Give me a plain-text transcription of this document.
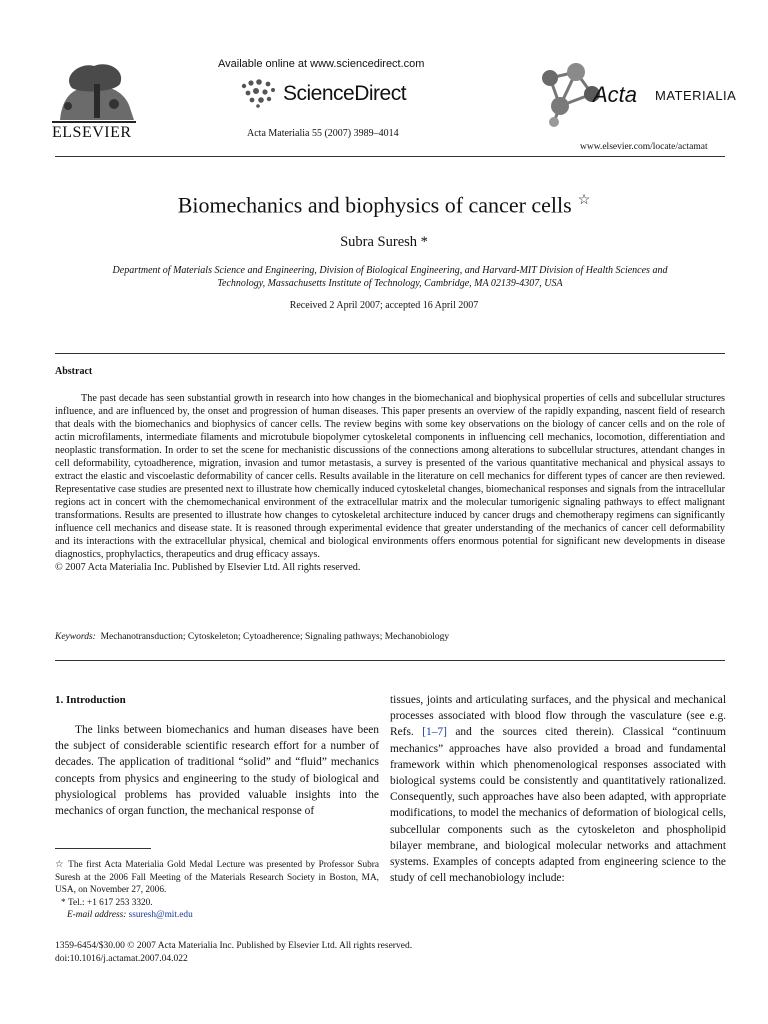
ELSEVIER
Available online at www.sciencedirect.com
ScienceDirect
Acta Materialia 55 (2007) 3989–4014
Acta MATERIALIA
www.elsevier.com/locate/actamat
Biomechanics and biophysics of cancer cells ☆
Subra Suresh *
Department of Materials Science and Engineering, Division of Biological Engineering, and Harvard-MIT Division of Health Sciences and
Technology, Massachusetts Institute of Technology, Cambridge, MA 02139-4307, USA
Received 2 April 2007; accepted 16 April 2007
Abstract
The past decade has seen substantial growth in research into how changes in the biomechanical and biophysical properties of cells and subcellular structures influence, and are influenced by, the onset and progression of human diseases. This paper presents an overview of the rapidly expanding, nascent field of research that deals with the biomechanics and biophysics of cancer cells. The review begins with some key observations on the biology of cancer cells and on the role of actin microfilaments, intermediate filaments and microtubule biopolymer cytoskeletal components in influencing cell mechanics, locomotion, differentiation and neoplastic transformation. In order to set the scene for mechanistic discussions of the connections among alterations to subcellular structures, attendant changes in cell deformability, cytoadherence, migration, invasion and tumor metastasis, a survey is presented of the various quantitative mechanical and physical assays to extract the elastic and viscoelastic deformability of cancer cells. Results available in the literature on cell mechanics for different types of cancer are then reviewed. Representative case studies are presented next to illustrate how chemically induced cytoskeletal changes, biomechanical responses and signals from the intracellular regions act in concert with the chemomechanical environment of the extracellular matrix and the molecular tumorigenic signaling pathways to effect malignant transformations. Results are presented to illustrate how changes to cytoskeletal architecture induced by cancer drugs and chemotherapy regimens can significantly influence cell mechanics and disease state. It is reasoned through experimental evidence that greater understanding of the mechanics of cancer cell deformability and its interactions with the extracellular physical, chemical and biological environments offers enormous potential for significant new developments in disease diagnostics, prophylactics, therapeutics and drug efficacy assays.
© 2007 Acta Materialia Inc. Published by Elsevier Ltd. All rights reserved.
Keywords: Mechanotransduction; Cytoskeleton; Cytoadherence; Signaling pathways; Mechanobiology
1. Introduction
The links between biomechanics and human diseases have been the subject of considerable scientific research effort for a number of decades. The application of traditional “solid” and “fluid” mechanics concepts from physics and engineering to the study of biological and physiological problems has provided valuable insights into the mechanics of organ function, the mechanical response of
tissues, joints and articulating surfaces, and the physical and mechanical processes associated with blood flow through the vasculature (see e.g. Refs. [1–7] and the sources cited therein). Classical “continuum mechanics” approaches have also provided a broad and fundamental framework within which phenomenological responses associated with biological systems could be consistently and quantitatively rationalized. Consequently, such approaches have also been adapted, with appropriate modifications, to model the mechanics of deformation of biological cells, subcellular components such as the cytoskeleton and phospholipid bilayer membrane, and biological molecular networks and attachment systems. Examples of concepts adapted from engineering science to the study of cell mechanobiology include:
☆ The first Acta Materialia Gold Medal Lecture was presented by Professor Subra Suresh at the 2006 Fall Meeting of the Materials Research Society in Boston, MA, USA, on November 27, 2006.
* Tel.: +1 617 253 3320.
E-mail address: ssuresh@mit.edu
1359-6454/$30.00 © 2007 Acta Materialia Inc. Published by Elsevier Ltd. All rights reserved.
doi:10.1016/j.actamat.2007.04.022
